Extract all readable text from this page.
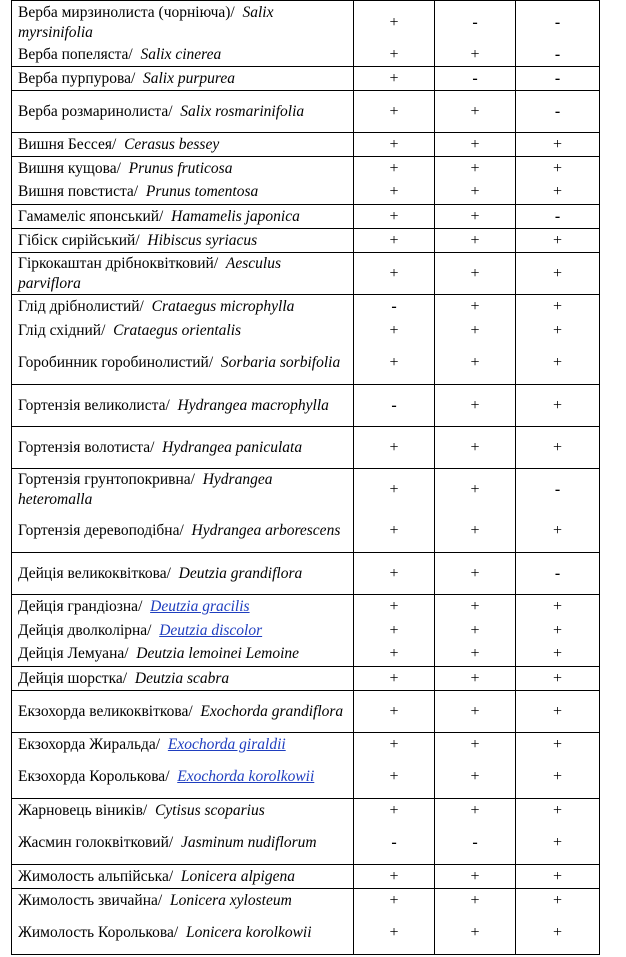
Верба мирзинолиста (чорніюча)/ Salix myrsinifolia	+	-	-
Верба попеляста/ Salix cinerea	+	+	-
Верба пурпурова/ Salix purpurea	+	-	-
Верба розмаринолиста/ Salix rosmarinifolia	+	+	-
Вишня Бессея/ Cerasus bessey	+	+	+
Вишня кущова/ Prunus fruticosa	+	+	+
Вишня повстиста/ Prunus tomentosa	+	+	+
Гамамеліс японський/ Hamamelis japonica	+	+	-
Гібіск сирійський/ Hibiscus syriacus	+	+	+
Гіркокаштан дрібноквітковий/ Aesculus parviflora	+	+	+
Глід дрібнолистий/ Crataegus microphylla	-	+	+
Глід східний/ Crataegus orientalis	+	+	+
Горобинник горобинолистий/ Sorbaria sorbifolia	+	+	+
Гортензія великолиста/ Hydrangea macrophylla	-	+	+
Гортензія волотиста/ Hydrangea paniculata	+	+	+
Гортензія грунтопокривна/ Hydrangea heteromalla	+	+	-
Гортензія деревоподібна/ Hydrangea arborescens	+	+	+
Дейція великоквіткова/ Deutzia grandiflora	+	+	-
Дейція грандіозна/ Deutzia gracilis	+	+	+
Дейція дволколірна/ Deutzia discolor	+	+	+
Дейція Лемуана/ Deutzia lemoinei Lemoine	+	+	+
Дейція шорстка/ Deutzia scabra	+	+	+
Екзохорда великоквіткова/ Exochorda grandiflora	+	+	+
Екзохорда Жиральда/ Exochorda giraldii	+	+	+
Екзохорда Королькова/ Exochorda korolkowii	+	+	+
Жарновець віників/ Cytisus scoparius	+	+	+
Жасмин голоквітковий/ Jasminum nudiflorum	-	-	+
Жимолость альпійська/ Lonicera alpigena	+	+	+
Жимолость звичайна/ Lonicera xylosteum	+	+	+
Жимолость Королькова/ Lonicera korolkowii	+	+	+
